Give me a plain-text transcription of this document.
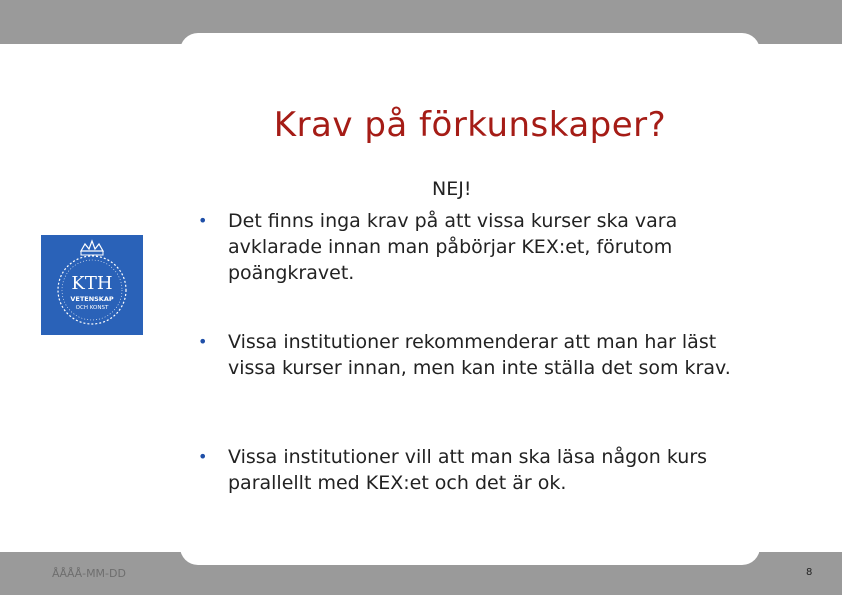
KTH
VETENSKAP
OCH KONST
Krav på förkunskaper?
NEJ!
•	Det finns inga krav på att vissa kurser ska vara avklarade innan man påbörjar KEX:et, förutom poängkravet.
•	Vissa institutioner rekommenderar att man har läst vissa kurser innan, men kan inte ställa det som krav.
•	Vissa institutioner vill att man ska läsa någon kurs parallellt med KEX:et och det är ok.
ÅÅÅÅ-MM-DD	8
